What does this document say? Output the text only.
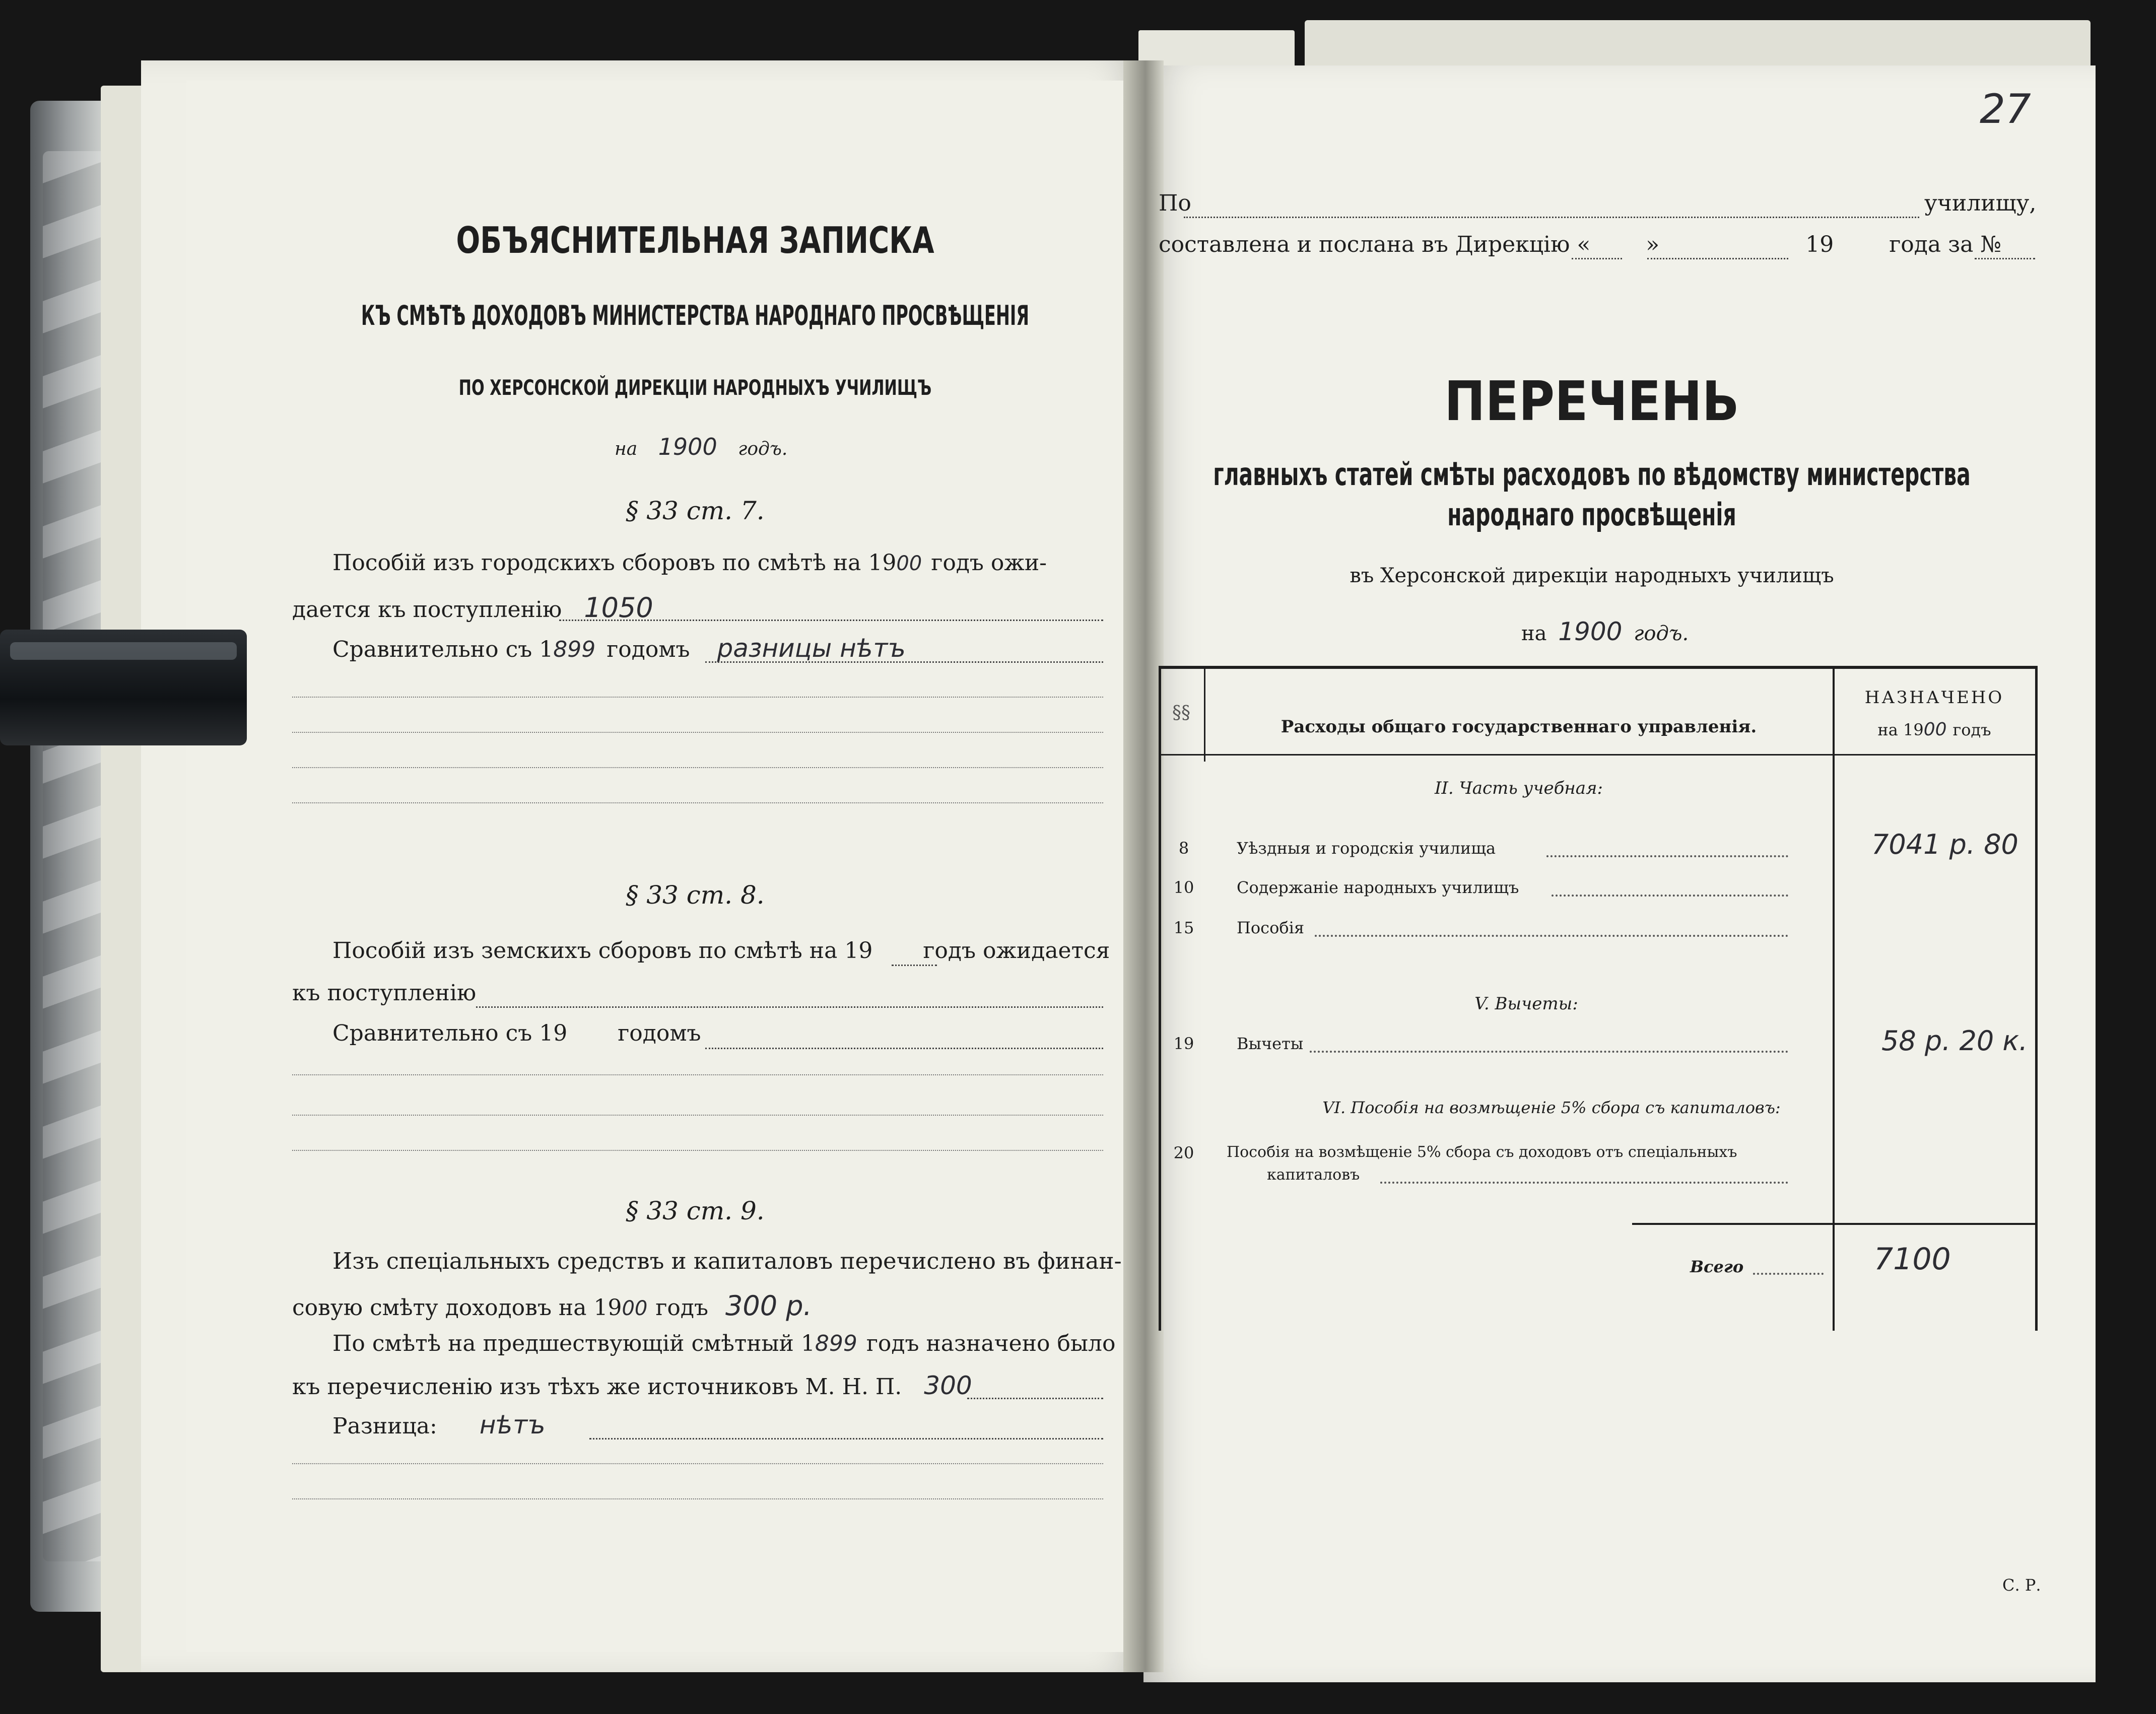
ОБЪЯСНИТЕЛЬНАЯ ЗАПИСКА
КЪ СМѢТѢ ДОХОДОВЪ МИНИСТЕРСТВА НАРОДНАГО ПРОСВѢЩЕНІЯ
ПО ХЕРСОНСКОЙ ДИРЕКЦІИ НАРОДНЫХЪ УЧИЛИЩЪ
на 1900 годъ.
§ 33 ст. 7.
Пособій изъ городскихъ сборовъ по смѣтѣ на 1900 годъ ожи-
дается къ поступленію 1050
Сравнительно съ 1899 годомъ разницы нѣтъ
§ 33 ст. 8.
Пособій изъ земскихъ сборовъ по смѣтѣ на 19 годъ ожидается
къ поступленію
Сравнительно съ 19 годомъ
§ 33 ст. 9.
Изъ спеціальныхъ средствъ и капиталовъ перечислено въ финан-
совую смѣту доходовъ на 1900 годъ 300 р.
По смѣтѣ на предшествующій смѣтный 1899 годъ назначено было
къ перечисленію изъ тѣхъ же источниковъ М. Н. П. 300
Разница: нѣтъ
27
По	училищу,
составлена и послана въ Дирекцію «	»	19	года за №
ПЕРЕЧЕНЬ
главныхъ статей смѣты расходовъ по вѣдомству министерства
народнаго просвѣщенія
въ Херсонской дирекціи народныхъ училищъ
на 1900 годъ.
§§
Расходы общаго государственнаго управленія.
НАЗНАЧЕНО
на 1900 годъ
II. Часть учебная:
8	Уѣздныя и городскія училища	7041 р. 80
10	Содержаніе народныхъ училищъ
15	Пособія
V. Вычеты:
19	Вычеты	58 р. 20 к.
VI. Пособія на возмѣщеніе 5% сбора съ капиталовъ:
20 Пособія на возмѣщеніе 5% сбора съ доходовъ отъ спеціальныхъ
капиталовъ
Всего	7100
С. Р.
